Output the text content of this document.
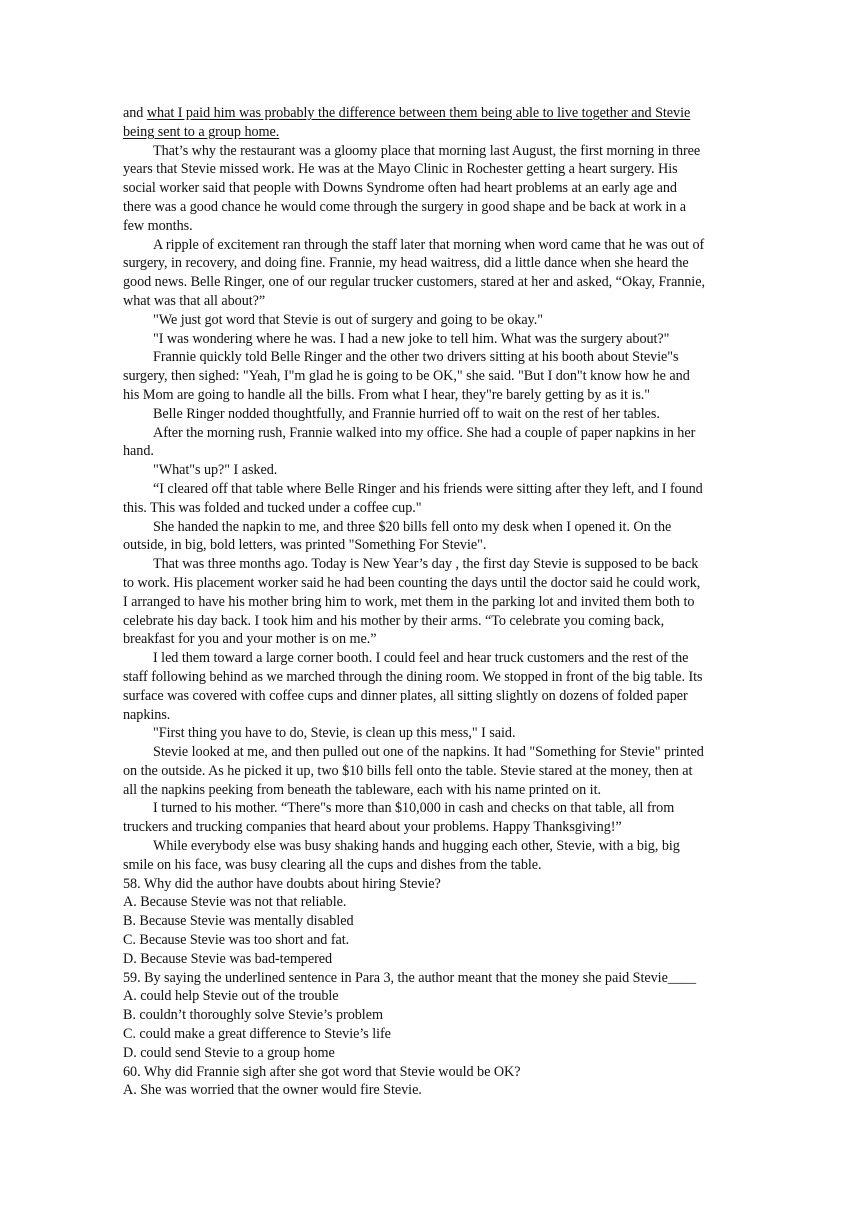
and what I paid him was probably the difference between them being able to live together and Stevie
being sent to a group home.
That’s why the restaurant was a gloomy place that morning last August, the first morning in three
years that Stevie missed work. He was at the Mayo Clinic in Rochester getting a heart surgery. His
social worker said that people with Downs Syndrome often had heart problems at an early age and
there was a good chance he would come through the surgery in good shape and be back at work in a
few months.
A ripple of excitement ran through the staff later that morning when word came that he was out of
surgery, in recovery, and doing fine. Frannie, my head waitress, did a little dance when she heard the
good news. Belle Ringer, one of our regular trucker customers, stared at her and asked, “Okay, Frannie,
what was that all about?”
"We just got word that Stevie is out of surgery and going to be okay."
"I was wondering where he was. I had a new joke to tell him. What was the surgery about?"
Frannie quickly told Belle Ringer and the other two drivers sitting at his booth about Stevie"s
surgery, then sighed: "Yeah, I"m glad he is going to be OK," she said. "But I don"t know how he and
his Mom are going to handle all the bills. From what I hear, they"re barely getting by as it is."
Belle Ringer nodded thoughtfully, and Frannie hurried off to wait on the rest of her tables.
After the morning rush, Frannie walked into my office. She had a couple of paper napkins in her
hand.
"What"s up?" I asked.
“I cleared off that table where Belle Ringer and his friends were sitting after they left, and I found
this. This was folded and tucked under a coffee cup."
She handed the napkin to me, and three $20 bills fell onto my desk when I opened it. On the
outside, in big, bold letters, was printed "Something For Stevie".
That was three months ago. Today is New Year’s day , the first day Stevie is supposed to be back
to work. His placement worker said he had been counting the days until the doctor said he could work,
I arranged to have his mother bring him to work, met them in the parking lot and invited them both to
celebrate his day back. I took him and his mother by their arms. “To celebrate you coming back,
breakfast for you and your mother is on me.”
I led them toward a large corner booth. I could feel and hear truck customers and the rest of the
staff following behind as we marched through the dining room. We stopped in front of the big table. Its
surface was covered with coffee cups and dinner plates, all sitting slightly on dozens of folded paper
napkins.
"First thing you have to do, Stevie, is clean up this mess," I said.
Stevie looked at me, and then pulled out one of the napkins. It had "Something for Stevie" printed
on the outside. As he picked it up, two $10 bills fell onto the table. Stevie stared at the money, then at
all the napkins peeking from beneath the tableware, each with his name printed on it.
I turned to his mother. “There"s more than $10,000 in cash and checks on that table, all from
truckers and trucking companies that heard about your problems. Happy Thanksgiving!”
While everybody else was busy shaking hands and hugging each other, Stevie, with a big, big
smile on his face, was busy clearing all the cups and dishes from the table.
58. Why did the author have doubts about hiring Stevie?
A. Because Stevie was not that reliable.
B. Because Stevie was mentally disabled
C. Because Stevie was too short and fat.
D. Because Stevie was bad-tempered
59. By saying the underlined sentence in Para 3, the author meant that the money she paid Stevie____
A. could help Stevie out of the trouble
B. couldn’t thoroughly solve Stevie’s problem
C. could make a great difference to Stevie’s life
D. could send Stevie to a group home
60. Why did Frannie sigh after she got word that Stevie would be OK?
A. She was worried that the owner would fire Stevie.
